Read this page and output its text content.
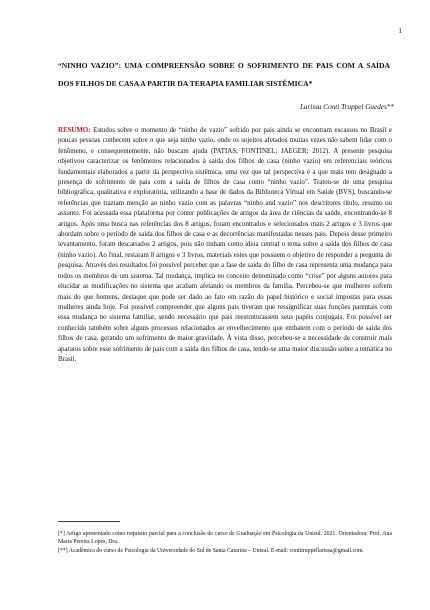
1
“NINHO VAZIO”: UMA COMPREENSÃO SOBRE O SOFRIMENTO DE PAIS COM A SAÍDA DOS FILHOS DE CASA A PARTIR DA TERAPIA FAMILIAR SISTÊMICA*
Larissa Conti Truppel Guedes**
RESUMO: Estudos sobre o momento de “ninho de vazio” sofrido por pais ainda se encontram escassos no Brasil e poucas pessoas conhecem sobre o que seja ninho vazio, onde os sujeitos afetados muitas vezes não sabem lidar com o fenômeno, e consequentemente, não buscam ajuda (PATIAS; FONTINEL; JAEGER; 2012). A presente pesquisa objetivou caracterizar os fenômenos relacionados à saída dos filhos de casa (ninho vazio) em referenciais teóricos fundamentais elaborados a partir da perspectiva sistêmica, uma vez que tal perspectiva é a que mais tem designado a presença de sofrimento de pais com a saída de filhos de casa como “ninho vazio”. Tratou-se de uma pesquisa bibliográfica, qualitativa e exploratória, utilizando a base de dados da Biblioteca Virtual em Saúde (BVS), buscando-se referências que traziam menção ao ninho vazio com as palavras “ninho and vazio” nos descritores título, resumo ou assunto. Foi acessada essa plataforma por conter publicações de artigos da área de ciências da saúde, encontrando-se 8 artigos. Após uma busca nas referências dos 8 artigos, foram encontrados e selecionados mais 2 artigos e 3 livros que abordam sobre o período de saída dos filhos de casa e as decorrências manifestadas nesses pais. Depois desse primeiro levantamento, foram descartados 2 artigos, pois não tinham como ideia central o tema sobre a saída dos filhos de casa (ninho vazio). Ao final, restaram 8 artigos e 3 livros, materiais estes que possuem o objetivo de responder a pergunta de pesquisa. Através dos resultados foi possível perceber que a fase de saída do filho de casa representa uma mudança para todos os membros de um sistema. Tal mudança, implica no conceito denominado como “crise” por alguns autores para elucidar as modificações no sistema que acabam afetando os membros da família. Percebeu-se que mulheres sofrem mais do que homens, destaque que pode ser dado ao fato em razão do papel histórico e social impostas para essas mulheres ainda hoje. Foi possível compreender que alguns pais tiveram que ressignificar suas funções parentais com essa mudança no sistema familiar, sendo necessário que pais reestruturassem seus papéis conjugais. Foi possível ser conhecido também sobre alguns processos relacionados ao envelhecimento que embatem com o período de saída dos filhos de casa, gerando um sofrimento de maior gravidade. À vista disso, percebeu-se a necessidade de construir mais aparatos sobre esse sofrimento de pais com a saída dos filhos de casa, tendo-se uma maior discussão sobre a temática no Brasil.

[*] Artigo apresentado como requisito parcial para a conclusão do curso de Graduação em Psicologia da Unisul. 2021. Orientadora: Prof. Ana Maria Pereira Lopes, Dra.

[**] Acadêmica do curso de Psicologia da Universidade do Sul de Santa Catarina – Unisul. E-mail: contitruppellarissa@gmail.com.
